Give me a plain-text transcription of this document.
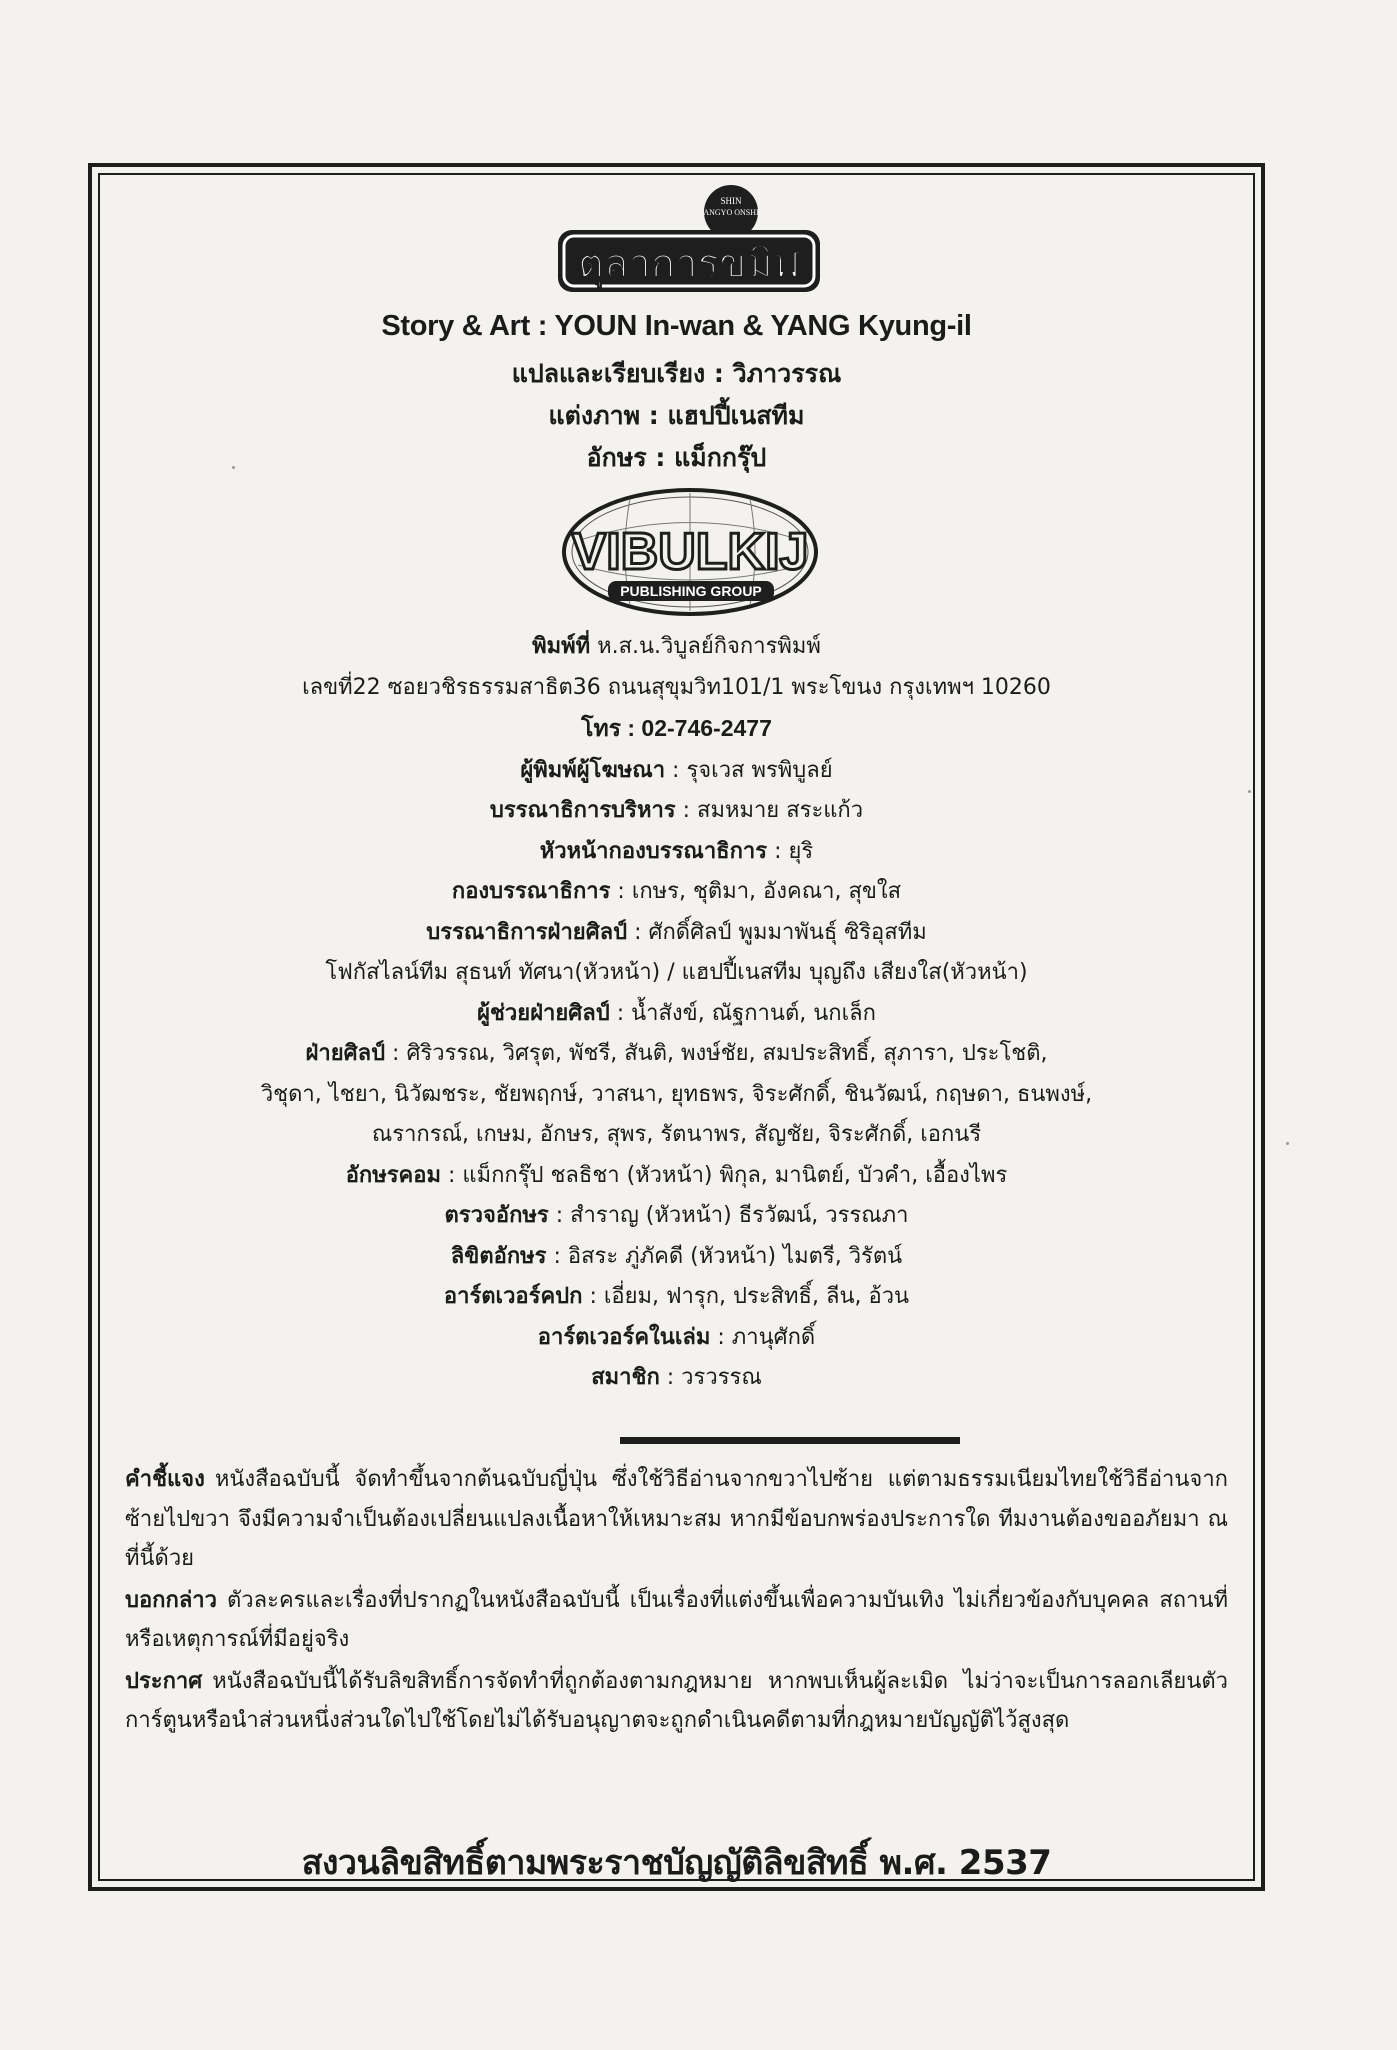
SHIN
ANGYO ONSHI
ตุลาการขมิฬ
Story & Art : YOUN In-wan & YANG Kyung-il
แปลและเรียบเรียง : วิภาวรรณ
แต่งภาพ : แฮปปี้เนสทีม
อักษร : แม็กกรุ๊ป
VIBULKIJ
PUBLISHING GROUP
พิมพ์ที่ ห.ส.น.วิบูลย์กิจการพิมพ์
เลขที่22 ซอยวชิรธรรมสาธิต36 ถนนสุขุมวิท101/1 พระโขนง กรุงเทพฯ 10260
โทร : 02-746-2477
ผู้พิมพ์ผู้โฆษณา : รุจเวส พรพิบูลย์
บรรณาธิการบริหาร : สมหมาย สระแก้ว
หัวหน้ากองบรรณาธิการ : ยุริ
กองบรรณาธิการ : เกษร, ชุติมา, อังคณา, สุขใส
บรรณาธิการฝ่ายศิลป์ : ศักดิ์ศิลป์ พูมมาพันธุ์ ซิริอุสทีม
โฟกัสไลน์ทีม สุธนท์ ทัศนา(หัวหน้า) / แฮปปี้เนสทีม บุญถึง เสียงใส(หัวหน้า)
ผู้ช่วยฝ่ายศิลป์ : น้ำสังข์, ณัฐกานต์, นกเล็ก
ฝ่ายศิลป์ : ศิริวรรณ, วิศรุต, พัชรี, สันติ, พงษ์ชัย, สมประสิทธิ์, สุภารา, ประโชติ,
วิชุดา, ไชยา, นิวัฒชระ, ชัยพฤกษ์, วาสนา, ยุทธพร, จิระศักดิ์, ชินวัฒน์, กฤษดา, ธนพงษ์,
ณรากรณ์, เกษม, อักษร, สุพร, รัตนาพร, สัญชัย, จิระศักดิ์, เอกนรี
อักษรคอม : แม็กกรุ๊ป ชลธิชา (หัวหน้า) พิกุล, มานิตย์, บัวคำ, เอื้องไพร
ตรวจอักษร : สำราญ (หัวหน้า) ธีรวัฒน์, วรรณภา
ลิขิตอักษร : อิสระ ภู่ภัคดี (หัวหน้า) ไมตรี, วิรัตน์
อาร์ตเวอร์คปก : เอี่ยม, ฟารุก, ประสิทธิ์, ลีน, อ้วน
อาร์ตเวอร์คในเล่ม : ภานุศักดิ์
สมาชิก : วรวรรณ

คำชี้แจง หนังสือฉบับนี้ จัดทำขึ้นจากต้นฉบับญี่ปุ่น ซึ่งใช้วิธีอ่านจากขวาไปซ้าย แต่ตามธรรมเนียมไทยใช้วิธีอ่านจากซ้ายไปขวา จึงมีความจำเป็นต้องเปลี่ยนแปลงเนื้อหาให้เหมาะสม หากมีข้อบกพร่องประการใด ทีมงานต้องขออภัยมา ณ ที่นี้ด้วย

บอกกล่าว ตัวละครและเรื่องที่ปรากฏในหนังสือฉบับนี้ เป็นเรื่องที่แต่งขึ้นเพื่อความบันเทิง ไม่เกี่ยวข้องกับบุคคล สถานที่ หรือเหตุการณ์ที่มีอยู่จริง

ประกาศ หนังสือฉบับนี้ได้รับลิขสิทธิ์การจัดทำที่ถูกต้องตามกฎหมาย หากพบเห็นผู้ละเมิด ไม่ว่าจะเป็นการลอกเลียนตัวการ์ตูนหรือนำส่วนหนึ่งส่วนใดไปใช้โดยไม่ได้รับอนุญาตจะถูกดำเนินคดีตามที่กฎหมายบัญญัติไว้สูงสุด

สงวนลิขสิทธิ์ตามพระราชบัญญัติลิขสิทธิ์ พ.ศ. 2537
